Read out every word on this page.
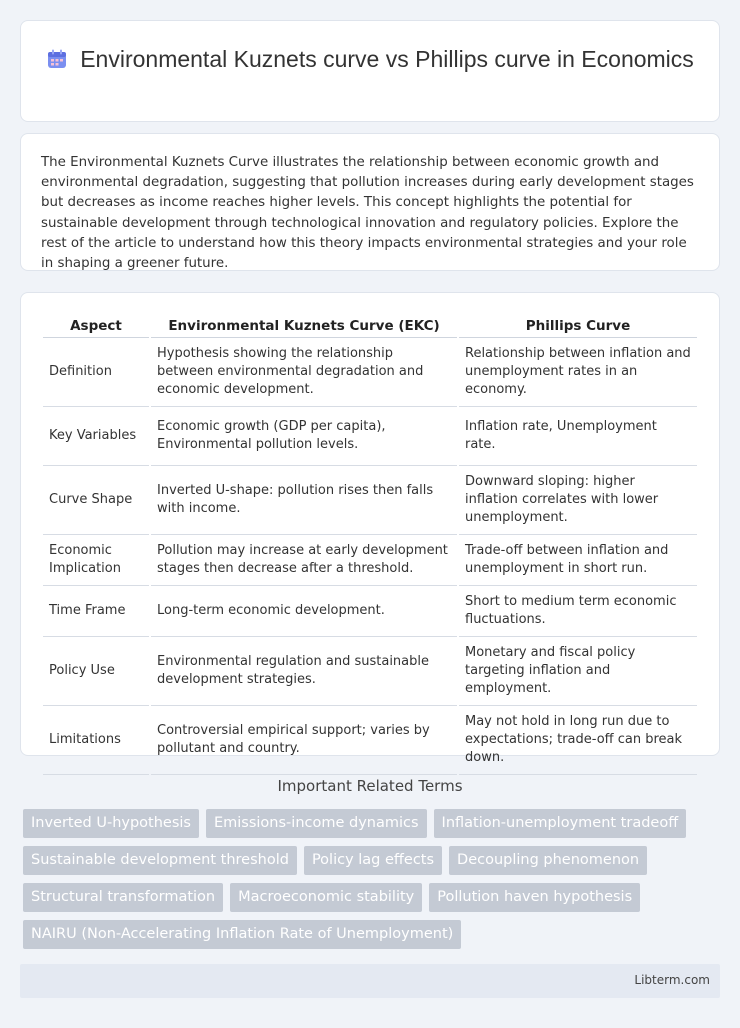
Environmental Kuznets curve vs Phillips curve in Economics

The Environmental Kuznets Curve illustrates the relationship between economic growth and environmental degradation, suggesting that pollution increases during early development stages but decreases as income reaches higher levels. This concept highlights the potential for sustainable development through technological innovation and regulatory policies. Explore the rest of the article to understand how this theory impacts environmental strategies and your role in shaping a greener future.

Aspect	Environmental Kuznets Curve (EKC)	Phillips Curve
Definition	Hypothesis showing the relationship between environmental degradation and economic development.	Relationship between inflation and unemployment rates in an economy.
Key Variables	Economic growth (GDP per capita), Environmental pollution levels.	Inflation rate, Unemployment rate.
Curve Shape	Inverted U-shape: pollution rises then falls with income.	Downward sloping: higher inflation correlates with lower unemployment.
Economic Implication	Pollution may increase at early development stages then decrease after a threshold.	Trade-off between inflation and unemployment in short run.
Time Frame	Long-term economic development.	Short to medium term economic fluctuations.
Policy Use	Environmental regulation and sustainable development strategies.	Monetary and fiscal policy targeting inflation and employment.
Limitations	Controversial empirical support; varies by pollutant and country.	May not hold in long run due to expectations; trade-off can break down.
Important Related Terms
Inverted U-hypothesis	Emissions-income dynamics	Inflation-unemployment tradeoff
Sustainable development threshold	Policy lag effects	Decoupling phenomenon
Structural transformation	Macroeconomic stability	Pollution haven hypothesis
NAIRU (Non-Accelerating Inflation Rate of Unemployment)
Libterm.com
